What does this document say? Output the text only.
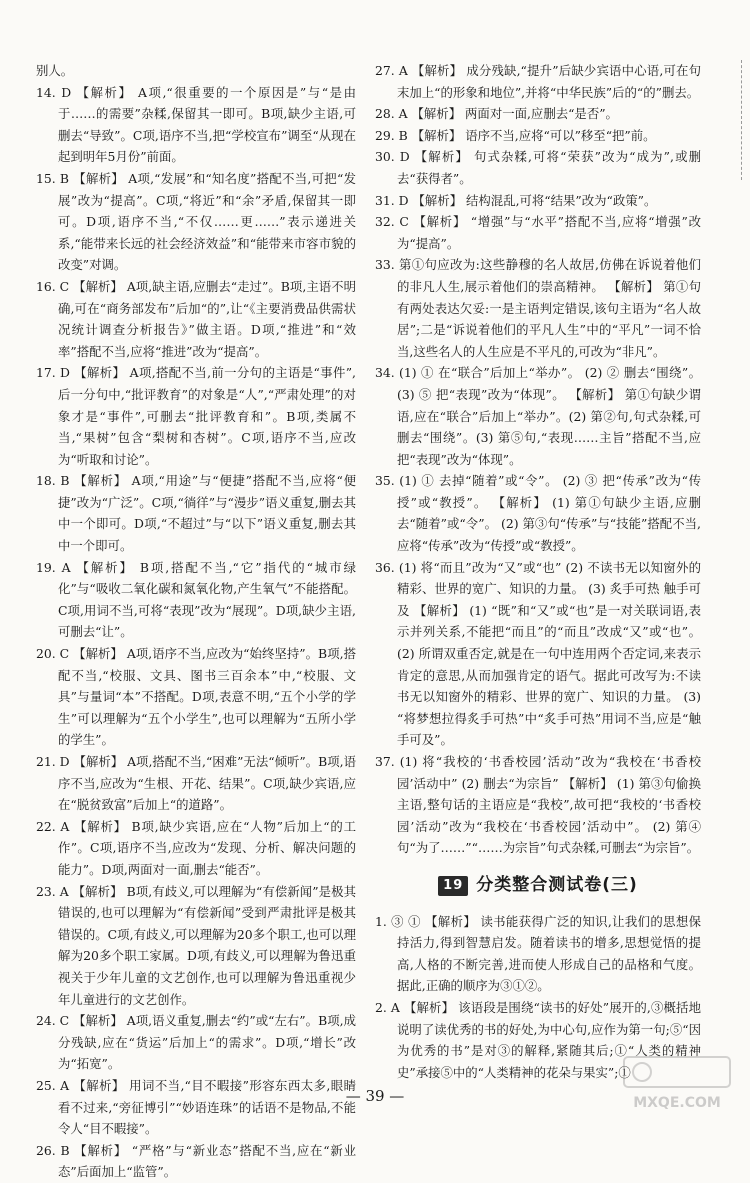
别人。

14. D 【解析】 A项,“很重要的一个原因是”与“是由于……的需要”杂糅,保留其一即可。B项,缺少主语,可删去“导致”。C项,语序不当,把“学校宣布”调至“从现在起到明年5月份”前面。

15. B 【解析】 A项,“发展”和“知名度”搭配不当,可把“发展”改为“提高”。C项,“将近”和“余”矛盾,保留其一即可。D项,语序不当,“不仅……更……”表示递进关系,“能带来长远的社会经济效益”和“能带来市容市貌的改变”对调。

16. C 【解析】 A项,缺主语,应删去“走过”。B项,主语不明确,可在“商务部发布”后加“的”,让“《主要消费品供需状况统计调查分析报告》”做主语。D项,“推进”和“效率”搭配不当,应将“推进”改为“提高”。

17. D 【解析】 A项,搭配不当,前一分句的主语是“事件”,后一分句中,“批评教育”的对象是“人”,“严肃处理”的对象才是“事件”,可删去“批评教育和”。B项,类属不当,“果树”包含“梨树和杏树”。C项,语序不当,应改为“听取和讨论”。

18. B 【解析】 A项,“用途”与“便捷”搭配不当,应将“便捷”改为“广泛”。C项,“徜徉”与“漫步”语义重复,删去其中一个即可。D项,“不超过”与“以下”语义重复,删去其中一个即可。

19. A 【解析】 B项,搭配不当,“它”指代的“城市绿化”与“吸收二氧化碳和氮氧化物,产生氧气”不能搭配。C项,用词不当,可将“表现”改为“展现”。D项,缺少主语,可删去“让”。

20. C 【解析】 A项,语序不当,应改为“始终坚持”。B项,搭配不当,“校服、文具、图书三百余本”中,“校服、文具”与量词“本”不搭配。D项,表意不明,“五个小学的学生”可以理解为“五个小学生”,也可以理解为“五所小学的学生”。

21. D 【解析】 A项,搭配不当,“困难”无法“倾听”。B项,语序不当,应改为“生根、开花、结果”。C项,缺少宾语,应在“脱贫致富”后加上“的道路”。

22. A 【解析】 B项,缺少宾语,应在“人物”后加上“的工作”。C项,语序不当,应改为“发现、分析、解决问题的能力”。D项,两面对一面,删去“能否”。

23. A 【解析】 B项,有歧义,可以理解为“有偿新闻”是极其错误的,也可以理解为“有偿新闻”受到严肃批评是极其错误的。C项,有歧义,可以理解为20多个职工,也可以理解为20多个职工家属。D项,有歧义,可以理解为鲁迅重视关于少年儿童的文艺创作,也可以理解为鲁迅重视少年儿童进行的文艺创作。

24. C 【解析】 A项,语义重复,删去“约”或“左右”。B项,成分残缺,应在“货运”后加上“的需求”。D项,“增长”改为“拓宽”。

25. A 【解析】 用词不当,“目不暇接”形容东西太多,眼睛看不过来,“旁征博引”“妙语连珠”的话语不是物品,不能令人“目不暇接”。

26. B 【解析】 “严格”与“新业态”搭配不当,应在“新业态”后面加上“监管”。

27. A 【解析】 成分残缺,“提升”后缺少宾语中心语,可在句末加上“的形象和地位”,并将“中华民族”后的“的”删去。

28. A 【解析】 两面对一面,应删去“是否”。

29. B 【解析】 语序不当,应将“可以”移至“把”前。

30. D 【解析】 句式杂糅,可将“荣获”改为“成为”,或删去“获得者”。

31. D 【解析】 结构混乱,可将“结果”改为“政策”。

32. C 【解析】 “增强”与“水平”搭配不当,应将“增强”改为“提高”。

33. 第①句应改为:这些静穆的名人故居,仿佛在诉说着他们的非凡人生,展示着他们的崇高精神。 【解析】 第①句有两处表达欠妥:一是主语判定错误,该句主语为“名人故居”;二是“诉说着他们的平凡人生”中的“平凡”一词不恰当,这些名人的人生应是不平凡的,可改为“非凡”。

34. (1) ① 在“联合”后加上“举办”。 (2) ② 删去“围绕”。 (3) ⑤ 把“表现”改为“体现”。 【解析】 第①句缺少谓语,应在“联合”后加上“举办”。(2) 第②句,句式杂糅,可删去“围绕”。(3) 第⑤句,“表现……主旨”搭配不当,应把“表现”改为“体现”。

35. (1) ① 去掉“随着”或“令”。 (2) ③ 把“传承”改为“传授”或“教授”。 【解析】 (1) 第①句缺少主语,应删去“随着”或“令”。 (2) 第③句“传承”与“技能”搭配不当,应将“传承”改为“传授”或“教授”。

36. (1) 将“而且”改为“又”或“也” (2) 不读书无以知窗外的精彩、世界的宽广、知识的力量。 (3) 炙手可热 触手可及 【解析】 (1) “既”和“又”或“也”是一对关联词语,表示并列关系,不能把“而且”的“而且”改成“又”或“也”。 (2) 所谓双重否定,就是在一句中连用两个否定词,来表示肯定的意思,从而加强肯定的语气。据此可改写为:不读书无以知窗外的精彩、世界的宽广、知识的力量。 (3) “将梦想拉得炙手可热”中“炙手可热”用词不当,应是“触手可及”。

37. (1) 将“我校的‘书香校园’活动”改为“我校在‘书香校园’活动中” (2) 删去“为宗旨” 【解析】 (1) 第③句偷换主语,整句话的主语应是“我校”,故可把“我校的‘书香校园’活动”改为“我校在‘书香校园’活动中”。 (2) 第④句“为了……”“……为宗旨”句式杂糅,可删去“为宗旨”。

19 分类整合测试卷(三)

1. ③ ① 【解析】 读书能获得广泛的知识,让我们的思想保持活力,得到智慧启发。随着读书的增多,思想觉悟的提高,人格的不断完善,进而使人形成自己的品格和气度。据此,正确的顺序为③①②。

2. A 【解析】 该语段是围绕“读书的好处”展开的,③概括地说明了读优秀的书的好处,为中心句,应作为第一句;⑤“因为优秀的书”是对③的解释,紧随其后;①“人类的精神史”承接⑤中的“人类精神的花朵与果实”;①

— 39 —	MXQE.COM
